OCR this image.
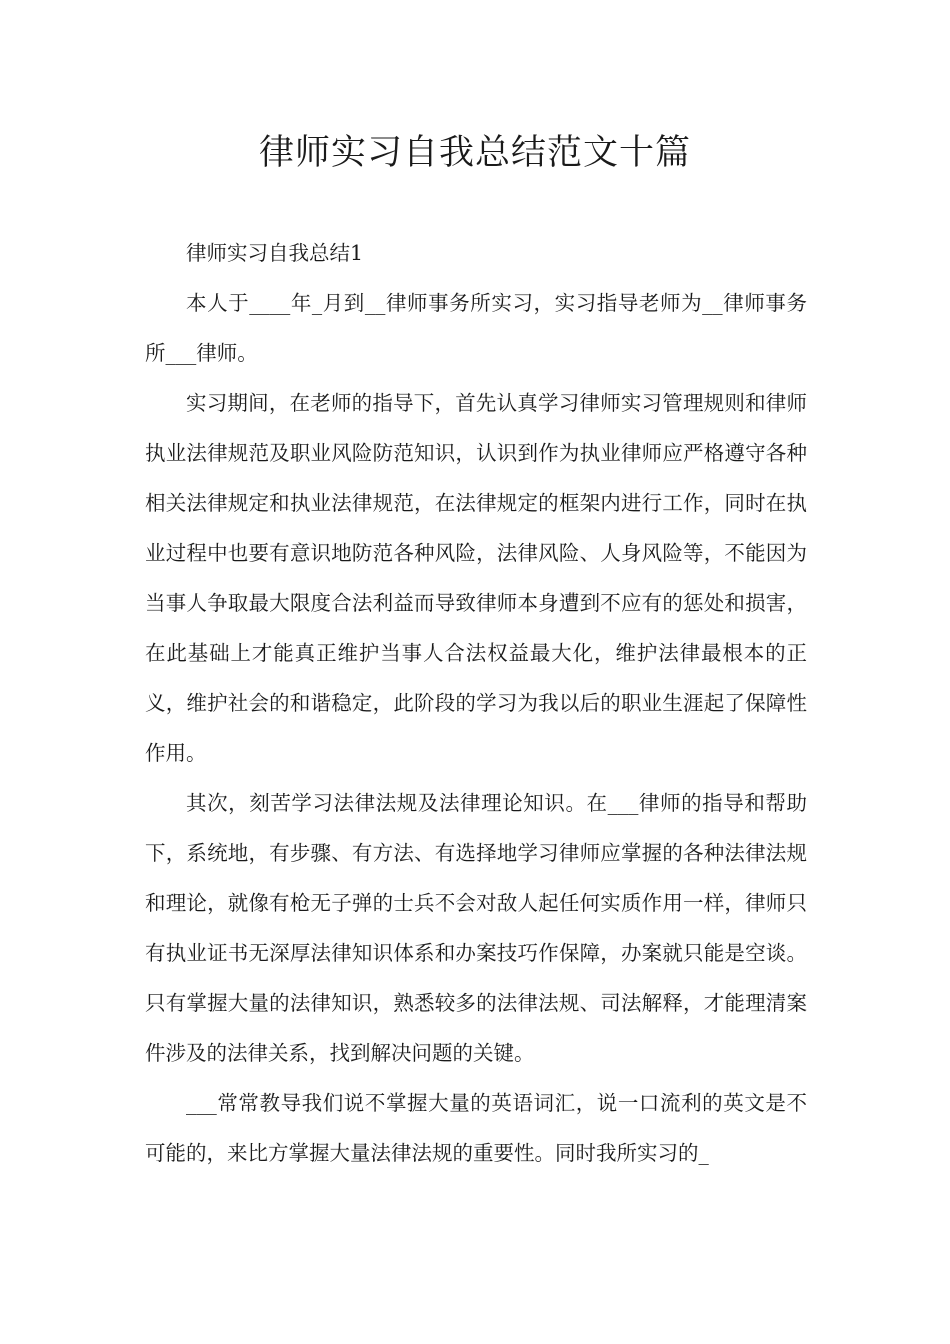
律师实习自我总结范文十篇

律师实习自我总结1

本人于____年_月到__律师事务所实习，实习指导老师为__律师事务所___律师。

实习期间，在老师的指导下，首先认真学习律师实习管理规则和律师执业法律规范及职业风险防范知识，认识到作为执业律师应严格遵守各种相关法律规定和执业法律规范，在法律规定的框架内进行工作，同时在执业过程中也要有意识地防范各种风险，法律风险、人身风险等，不能因为当事人争取最大限度合法利益而导致律师本身遭到不应有的惩处和损害，在此基础上才能真正维护当事人合法权益最大化，维护法律最根本的正义，维护社会的和谐稳定，此阶段的学习为我以后的职业生涯起了保障性作用。

其次，刻苦学习法律法规及法律理论知识。在___律师的指导和帮助下，系统地，有步骤、有方法、有选择地学习律师应掌握的各种法律法规和理论，就像有枪无子弹的士兵不会对敌人起任何实质作用一样，律师只有执业证书无深厚法律知识体系和办案技巧作保障，办案就只能是空谈。只有掌握大量的法律知识，熟悉较多的法律法规、司法解释，才能理清案件涉及的法律关系，找到解决问题的关键。

___常常教导我们说不掌握大量的英语词汇，说一口流利的英文是不可能的，来比方掌握大量法律法规的重要性。同时我所实习的_
